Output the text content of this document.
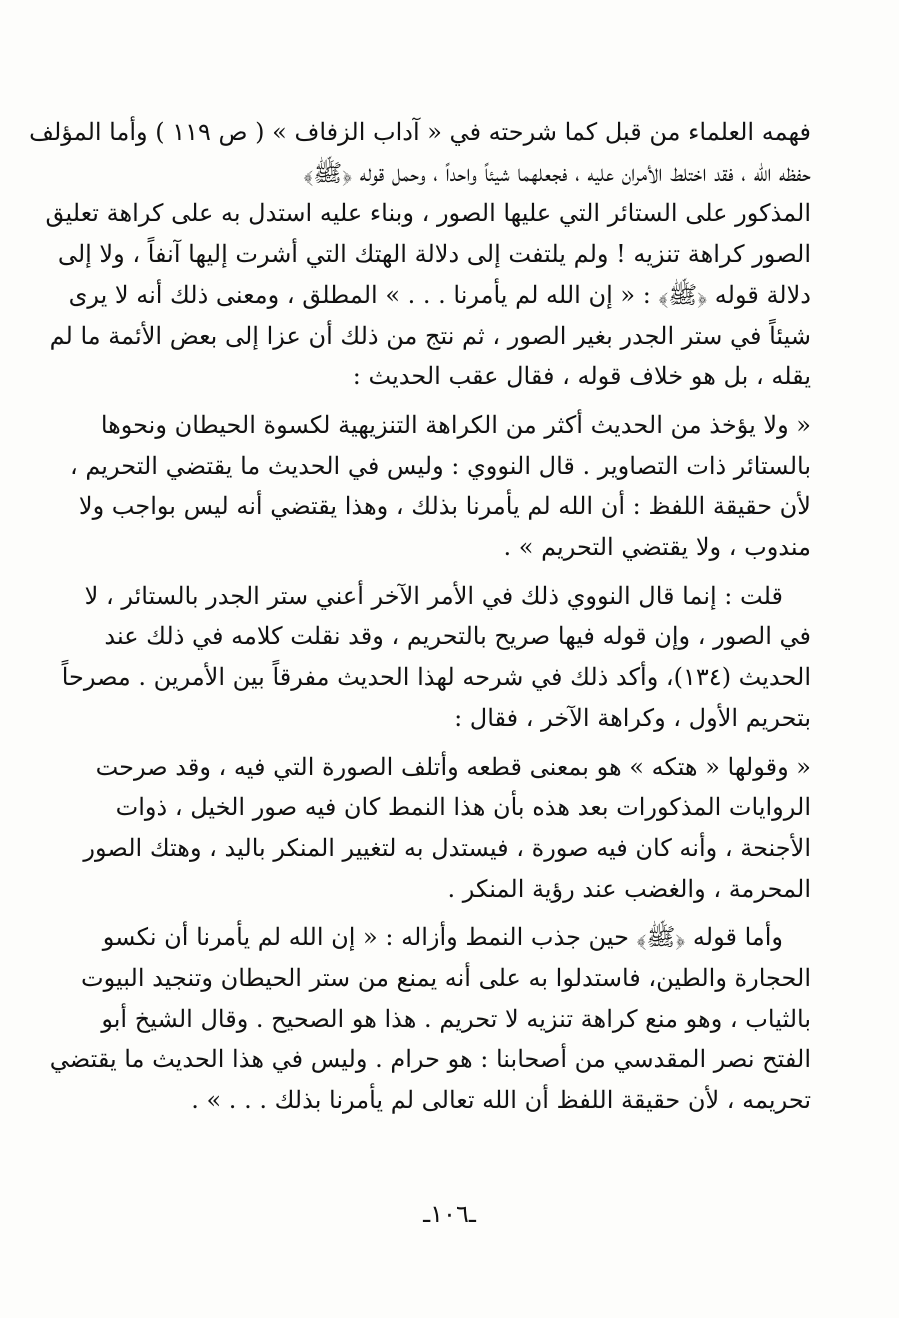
فهمه العلماء من قبل كما شرحته في « آداب الزفاف » ( ص ١١٩ ) وأما المؤلف
حفظه الله ، فقد اختلط الأمران عليه ، فجعلهما شيئاً واحداً ، وحمل قوله ﴿ﷺ﴾
المذكور على الستائر التي عليها الصور ، وبناء عليه استدل به على كراهة تعليق
الصور كراهة تنزيه ! ولم يلتفت إلى دلالة الهتك التي أشرت إليها آنفاً ، ولا إلى
دلالة قوله ﴿ﷺ﴾ : « إن الله لم يأمرنا . . . » المطلق ، ومعنى ذلك أنه لا يرى
شيئاً في ستر الجدر بغير الصور ، ثم نتج من ذلك أن عزا إلى بعض الأئمة ما لم
يقله ، بل هو خلاف قوله ، فقال عقب الحديث :
« ولا يؤخذ من الحديث أكثر من الكراهة التنزيهية لكسوة الحيطان ونحوها
بالستائر ذات التصاوير . قال النووي : وليس في الحديث ما يقتضي التحريم ،
لأن حقيقة اللفظ : أن الله لم يأمرنا بذلك ، وهذا يقتضي أنه ليس بواجب ولا
مندوب ، ولا يقتضي التحريم » .
قلت : إنما قال النووي ذلك في الأمر الآخر أعني ستر الجدر بالستائر ، لا
في الصور ، وإن قوله فيها صريح بالتحريم ، وقد نقلت كلامه في ذلك عند
الحديث (١٣٤)، وأكد ذلك في شرحه لهذا الحديث مفرقاً بين الأمرين . مصرحاً
بتحريم الأول ، وكراهة الآخر ، فقال :
« وقولها « هتكه » هو بمعنى قطعه وأتلف الصورة التي فيه ، وقد صرحت
الروايات المذكورات بعد هذه بأن هذا النمط كان فيه صور الخيل ، ذوات
الأجنحة ، وأنه كان فيه صورة ، فيستدل به لتغيير المنكر باليد ، وهتك الصور
المحرمة ، والغضب عند رؤية المنكر .
وأما قوله ﴿ﷺ﴾ حين جذب النمط وأزاله : « إن الله لم يأمرنا أن نكسو
الحجارة والطين، فاستدلوا به على أنه يمنع من ستر الحيطان وتنجيد البيوت
بالثياب ، وهو منع كراهة تنزيه لا تحريم . هذا هو الصحيح . وقال الشيخ أبو
الفتح نصر المقدسي من أصحابنا : هو حرام . وليس في هذا الحديث ما يقتضي
تحريمه ، لأن حقيقة اللفظ أن الله تعالى لم يأمرنا بذلك . . . » .
ـ١٠٦ـ
